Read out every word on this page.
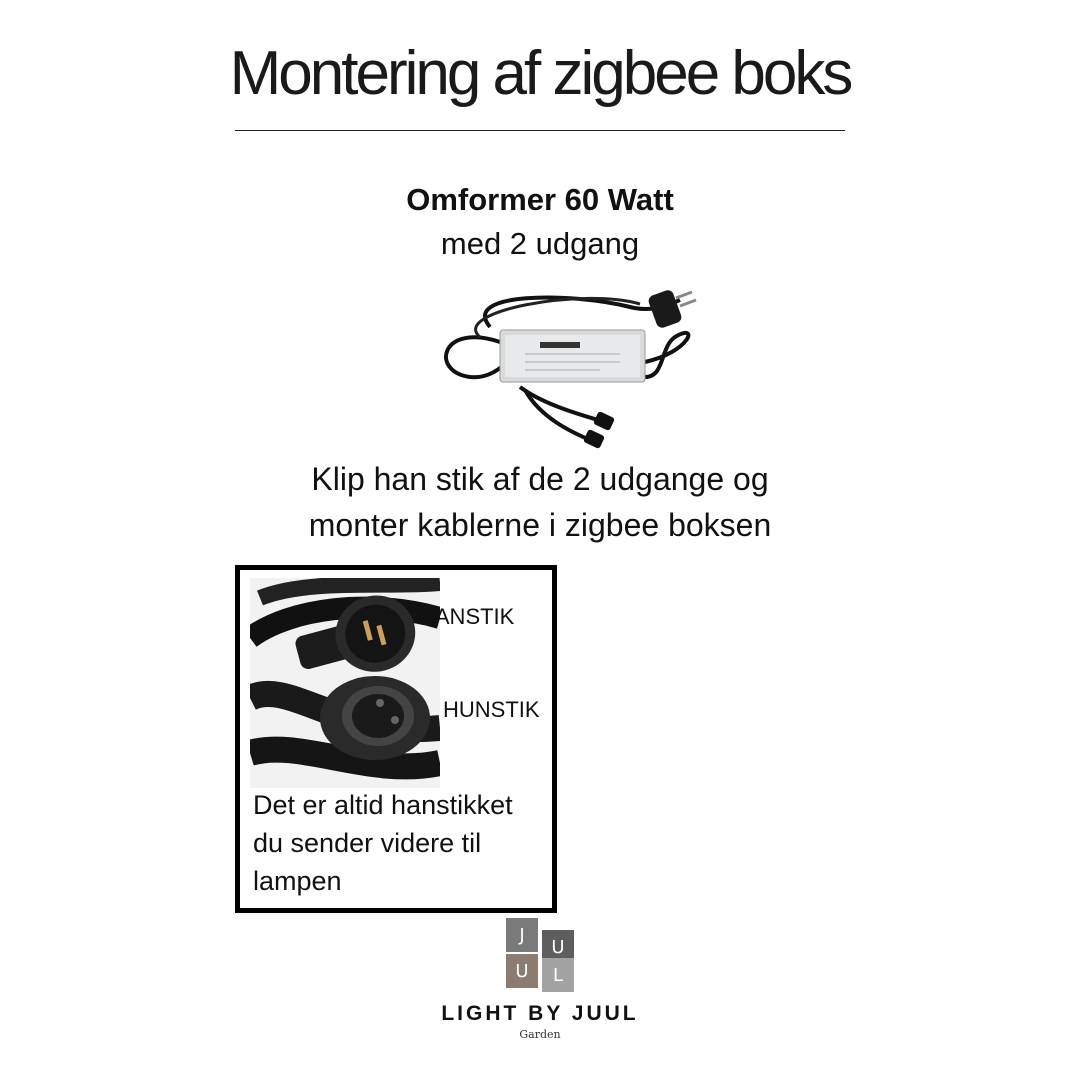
Montering af zigbee boks
Omformer 60 Watt
med 2 udgang
Klip han stik af de 2 udgange og
monter kablerne i zigbee boksen
HANSTIK
HUNSTIK
Det er altid hanstikket
du sender videre til
lampen
J
U
U	L
LIGHT BY JUUL
Garden
